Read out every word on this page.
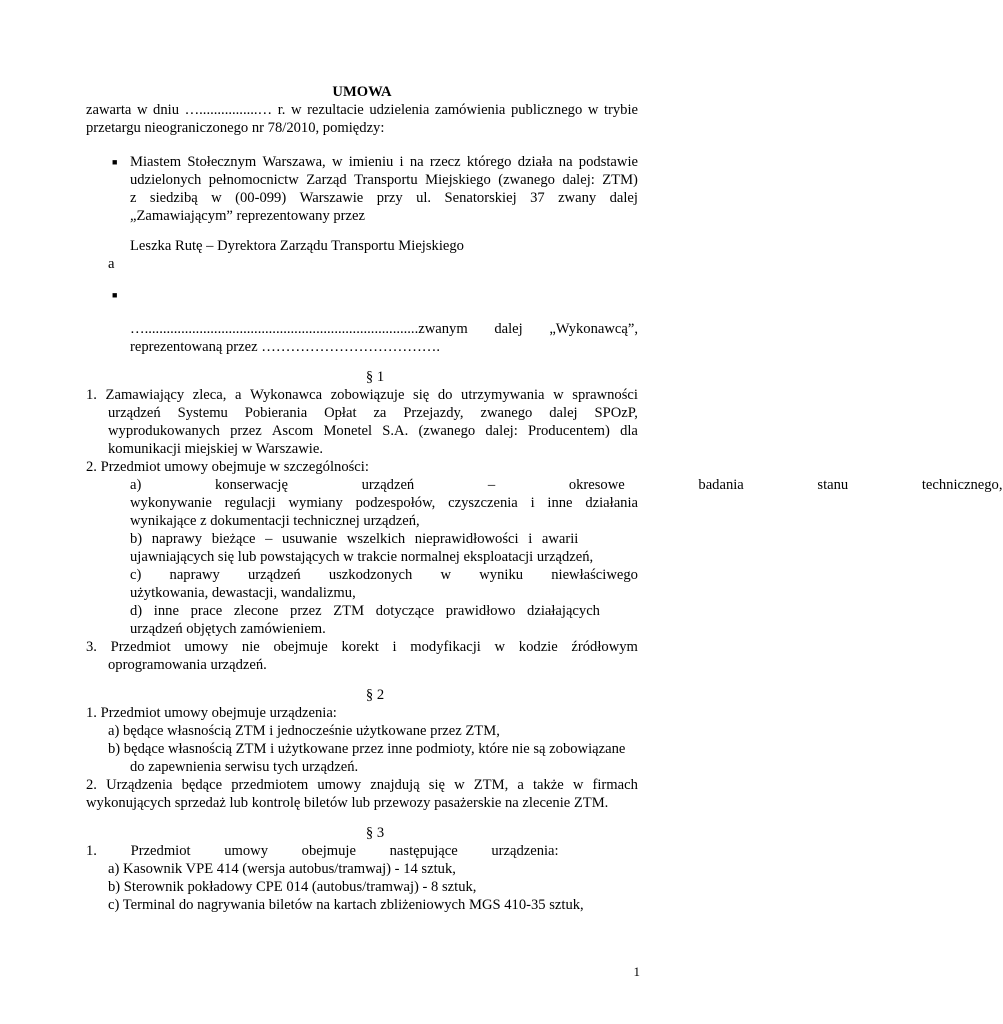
UMOWA
zawarta w dniu …................… r. w rezultacie udzielenia zamówienia publicznego w trybie
przetargu nieograniczonego nr 78/2010, pomiędzy:
■ Miastem Stołecznym Warszawa, w imieniu i na rzecz którego działa na podstawie
udzielonych pełnomocnictw Zarząd Transportu Miejskiego (zwanego dalej: ZTM)
z siedzibą w (00-099) Warszawie przy ul. Senatorskiej 37 zwany dalej
„Zamawiającym” reprezentowany przez
Leszka Rutę – Dyrektora Zarządu Transportu Miejskiego
a
■
…...........................................................................zwanym dalej „Wykonawcą”,
reprezentowaną przez ……………………………….
§ 1
1. Zamawiający zleca, a Wykonawca zobowiązuje się do utrzymywania w sprawności
urządzeń Systemu Pobierania Opłat za Przejazdy, zwanego dalej SPOzP,
wyprodukowanych przez Ascom Monetel S.A. (zwanego dalej: Producentem) dla
komunikacji miejskiej w Warszawie.
2. Przedmiot umowy obejmuje w szczególności:
a) konserwację urządzeń – okresowe badania stanu technicznego,
wykonywanie regulacji wymiany podzespołów, czyszczenia i inne działania
wynikające z dokumentacji technicznej urządzeń,
b) naprawy bieżące – usuwanie wszelkich nieprawidłowości i awarii
ujawniających się lub powstających w trakcie normalnej eksploatacji urządzeń,
c) naprawy urządzeń uszkodzonych w wyniku niewłaściwego
użytkowania, dewastacji, wandalizmu,
d) inne prace zlecone przez ZTM dotyczące prawidłowo działających
urządzeń objętych zamówieniem.
3. Przedmiot umowy nie obejmuje korekt i modyfikacji w kodzie źródłowym
oprogramowania urządzeń.
§ 2
1. Przedmiot umowy obejmuje urządzenia:
a) będące własnością ZTM i jednocześnie użytkowane przez ZTM,
b) będące własnością ZTM i użytkowane przez inne podmioty, które nie są zobowiązane
do zapewnienia serwisu tych urządzeń.
2. Urządzenia będące przedmiotem umowy znajdują się w ZTM, a także w firmach
wykonujących sprzedaż lub kontrolę biletów lub przewozy pasażerskie na zlecenie ZTM.
§ 3
1. Przedmiot umowy obejmuje następujące urządzenia:
a) Kasownik VPE 414 (wersja autobus/tramwaj) - 14 sztuk,
b) Sterownik pokładowy CPE 014 (autobus/tramwaj) - 8 sztuk,
c) Terminal do nagrywania biletów na kartach zbliżeniowych MGS 410-35 sztuk,
1
